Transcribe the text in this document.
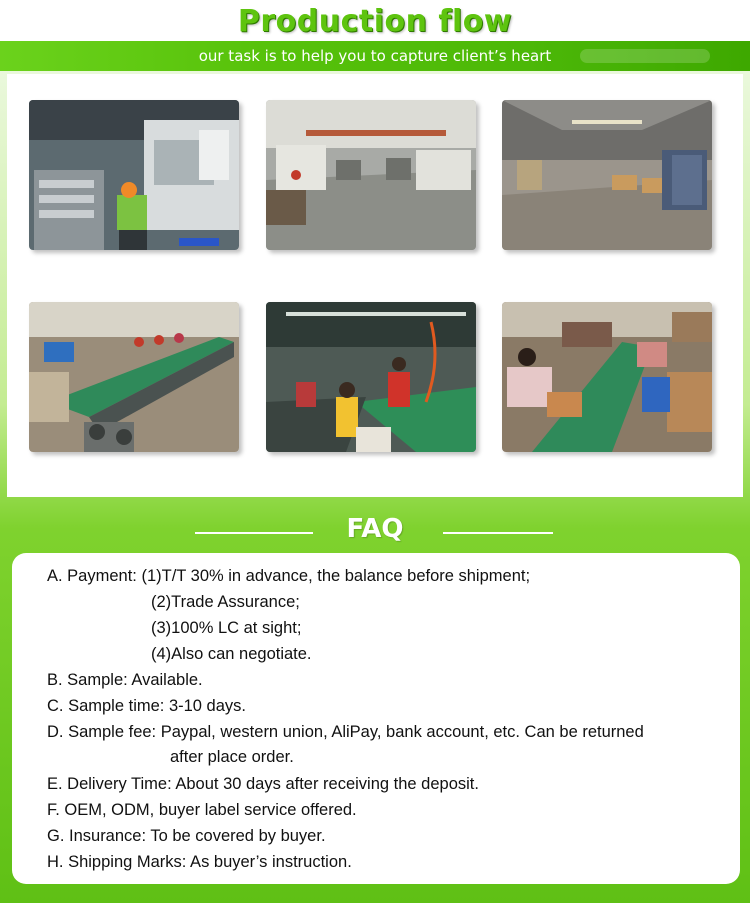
Production flow
our task is to help you to capture client’s heart
FAQ
A. Payment: (1)T/T 30% in advance, the balance before shipment;
(2)Trade Assurance;
(3)100% LC at sight;
(4)Also can negotiate.
B. Sample: Available.
C. Sample time: 3-10 days.
D. Sample fee: Paypal, western union, AliPay, bank account, etc. Can be returned
after place order.
E. Delivery Time: About 30 days after receiving the deposit.
F. OEM, ODM, buyer label service offered.
G. Insurance: To be covered by buyer.
H. Shipping Marks: As buyer’s instruction.
